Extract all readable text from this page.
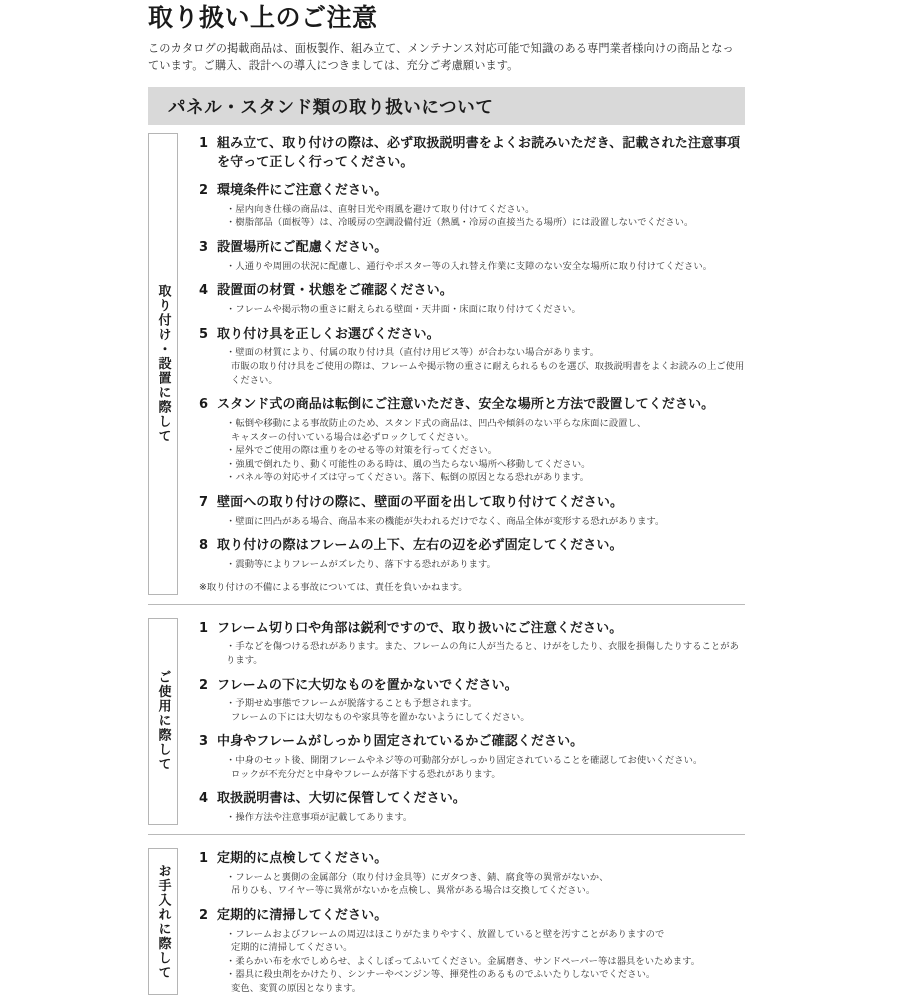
取り扱い上のご注意

このカタログの掲載商品は、面板製作、組み立て、メンテナンス対応可能で知識のある専門業者様向けの商品となっています。ご購入、設計への導入につきましては、充分ご考慮願います。

パネル・スタンド類の取り扱いについて
取り付け・設置に際して
1 組み立て、取り付けの際は、必ず取扱説明書をよくお読みいただき、記載された注意事項を守って正しく行ってください。
2 環境条件にご注意ください。
・屋内向き仕様の商品は、直射日光や雨風を避けて取り付けてください。
・樹脂部品（面板等）は、冷暖房の空調設備付近（熱風・冷房の直接当たる場所）には設置しないでください。
3 設置場所にご配慮ください。
・人通りや周囲の状況に配慮し、通行やポスター等の入れ替え作業に支障のない安全な場所に取り付けてください。
4 設置面の材質・状態をご確認ください。
・フレームや掲示物の重さに耐えられる壁面・天井面・床面に取り付けてください。
5 取り付け具を正しくお選びください。
・壁面の材質により、付属の取り付け具（直付け用ビス等）が合わない場合があります。
市販の取り付け具をご使用の際は、フレームや掲示物の重さに耐えられるものを選び、取扱説明書をよくお読みの上ご使用ください。
6 スタンド式の商品は転倒にご注意いただき、安全な場所と方法で設置してください。
・転倒や移動による事故防止のため、スタンド式の商品は、凹凸や傾斜のない平らな床面に設置し、
キャスターの付いている場合は必ずロックしてください。
・屋外でご使用の際は重りをのせる等の対策を行ってください。
・強風で倒れたり、動く可能性のある時は、風の当たらない場所へ移動してください。
・パネル等の対応サイズは守ってください。落下、転倒の原因となる恐れがあります。
7 壁面への取り付けの際に、壁面の平面を出して取り付けてください。
・壁面に凹凸がある場合、商品本来の機能が失われるだけでなく、商品全体が変形する恐れがあります。
8 取り付けの際はフレームの上下、左右の辺を必ず固定してください。
・震動等によりフレームがズレたり、落下する恐れがあります。
※取り付けの不備による事故については、責任を負いかねます。
ご使用に際して
1 フレーム切り口や角部は鋭利ですので、取り扱いにご注意ください。
・手などを傷つける恐れがあります。また、フレームの角に人が当たると、けがをしたり、衣服を損傷したりすることがあります。
2 フレームの下に大切なものを置かないでください。
・予期せぬ事態でフレームが脱落することも予想されます。
フレームの下には大切なものや家具等を置かないようにしてください。
3 中身やフレームがしっかり固定されているかご確認ください。
・中身のセット後、開閉フレームやネジ等の可動部分がしっかり固定されていることを確認してお使いください。
ロックが不充分だと中身やフレームが落下する恐れがあります。
4 取扱説明書は、大切に保管してください。
・操作方法や注意事項が記載してあります。
お手入れに際して
1 定期的に点検してください。
・フレームと裏側の金属部分（取り付け金具等）にガタつき、錆、腐食等の異常がないか、
吊りひも、ワイヤー等に異常がないかを点検し、異常がある場合は交換してください。
2 定期的に清掃してください。
・フレームおよびフレームの周辺はほこりがたまりやすく、放置していると壁を汚すことがありますので
定期的に清掃してください。
・柔らかい布を水でしめらせ、よくしぼってふいてください。金属磨き、サンドペーパー等は器具をいためます。
・器具に殺虫剤をかけたり、シンナーやベンジン等、揮発性のあるものでふいたりしないでください。
変色、変質の原因となります。
